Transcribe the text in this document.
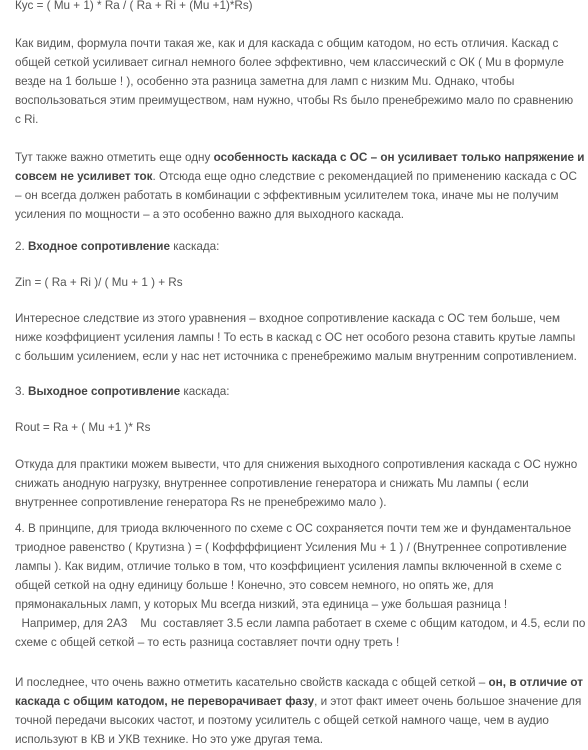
Кус = ( Mu + 1) * Ra / ( Ra + Ri + (Mu +1)*Rs)

Как видим, формула почти такая же, как и для каскада с общим катодом, но есть отличия. Каскад с
общей сеткой усиливает сигнал немного более эффективно, чем классический с ОК ( Mu в формуле
везде на 1 больше ! ), особенно эта разница заметна для ламп с низким Mu. Однако, чтобы
воспользоваться этим преимуществом, нам нужно, чтобы Rs было пренебрежимо мало по сравнению
с Ri.

Тут также важно отметить еще одну особенность каскада с ОС – он усиливает только напряжение и
совсем не усиливет ток. Отсюда еще одно следствие с рекомендацией по применению каскада с ОС
– он всегда должен работать в комбинации с эффективным усилителем тока, иначе мы не получим
усиления по мощности – а это особенно важно для выходного каскада.

2. Входное сопротивление каскада:

Zin = ( Ra + Ri )/ ( Mu + 1 ) + Rs

Интересное следствие из этого уравнения – входное сопротивление каскада с ОС тем больше, чем
ниже коэффициент усиления лампы ! То есть в каскад с ОС нет особого резона ставить крутые лампы
с большим усилением, если у нас нет источника с пренебрежимо малым внутренним сопротивлением.

3. Выходное сопротивление каскада:

Rout = Ra + ( Mu +1 )* Rs

Откуда для практики можем вывести, что для снижения выходного сопротивления каскада с ОС нужно
снижать анодную нагрузку, внутреннее сопротивление генератора и снижать Mu лампы ( если
внутреннее сопротивление генератора Rs не пренебрежимо мало ).

4. В принципе, для триода включенного по схеме с ОС сохраняется почти тем же и фундаментальное
триодное равенство ( Крутизна ) = ( Коффффициент Усиления Mu + 1 ) / (Внутреннее сопротивление
лампы ). Как видим, отличие только в том, что коэффициент усиления лампы включенной в схеме с
общей сеткой на одну единицу больше ! Конечно, это совсем немного, но опять же, для
прямонакальных ламп, у которых Mu всегда низкий, эта единица – уже большая разница !
Например, для 2А3    Mu  составляет 3.5 если лампа работает в схеме с общим катодом, и 4.5, если по
схеме с общей сеткой – то есть разница составляет почти одну треть !

И последнее, что очень важно отметить касательно свойств каскада с общей сеткой – он, в отличие от
каскада с общим катодом, не переворачивает фазу, и этот факт имеет очень большое значение для
точной передачи высоких частот, и поэтому усилитель с общей сеткой намного чаще, чем в аудио
используют в КВ и УКВ технике. Но это уже другая тема.
